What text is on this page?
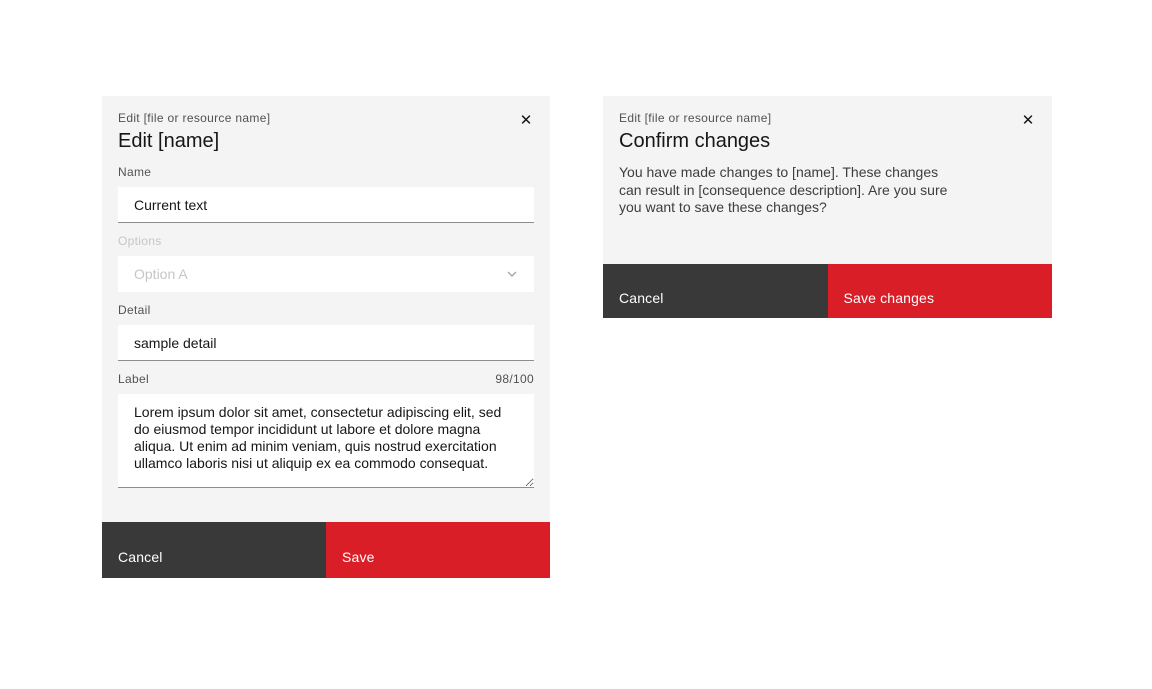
Edit [file or resource name]
Edit [name]
✕
Name
Current text
Options
Option A
Detail
sample detail
Label	98/100
Lorem ipsum dolor sit amet, consectetur adipiscing elit, sed do eiusmod tempor incididunt ut labore et dolore magna aliqua. Ut enim ad minim veniam, quis nostrud exercitation ullamco laboris nisi ut aliquip ex ea commodo consequat.
Cancel	Save
Edit [file or resource name]
Confirm changes
✕

You have made changes to [name]. These changes can result in [consequence description]. Are you sure you want to save these changes?

Cancel	Save changes
